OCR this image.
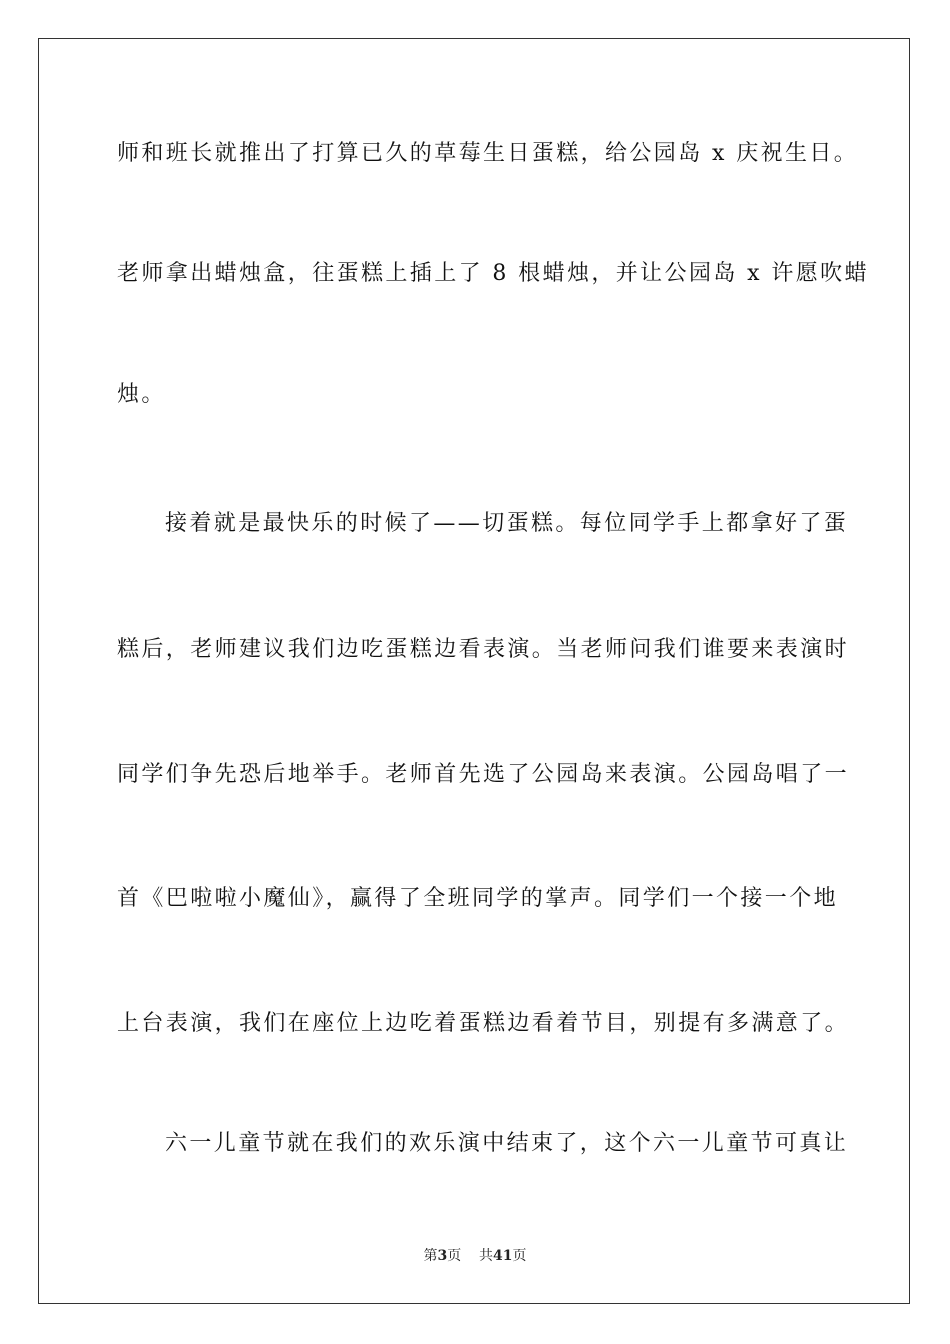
师和班长就推出了打算已久的草莓生日蛋糕，给公园岛 x 庆祝生日。
老师拿出蜡烛盒，往蛋糕上插上了 8 根蜡烛，并让公园岛 x 许愿吹蜡
烛。
接着就是最快乐的时候了——切蛋糕。每位同学手上都拿好了蛋
糕后，老师建议我们边吃蛋糕边看表演。当老师问我们谁要来表演时
同学们争先恐后地举手。老师首先选了公园岛来表演。公园岛唱了一
首《巴啦啦小魔仙》，赢得了全班同学的掌声。同学们一个接一个地
上台表演，我们在座位上边吃着蛋糕边看着节目，别提有多满意了。
六一儿童节就在我们的欢乐演中结束了，这个六一儿童节可真让
第3页 共41页
